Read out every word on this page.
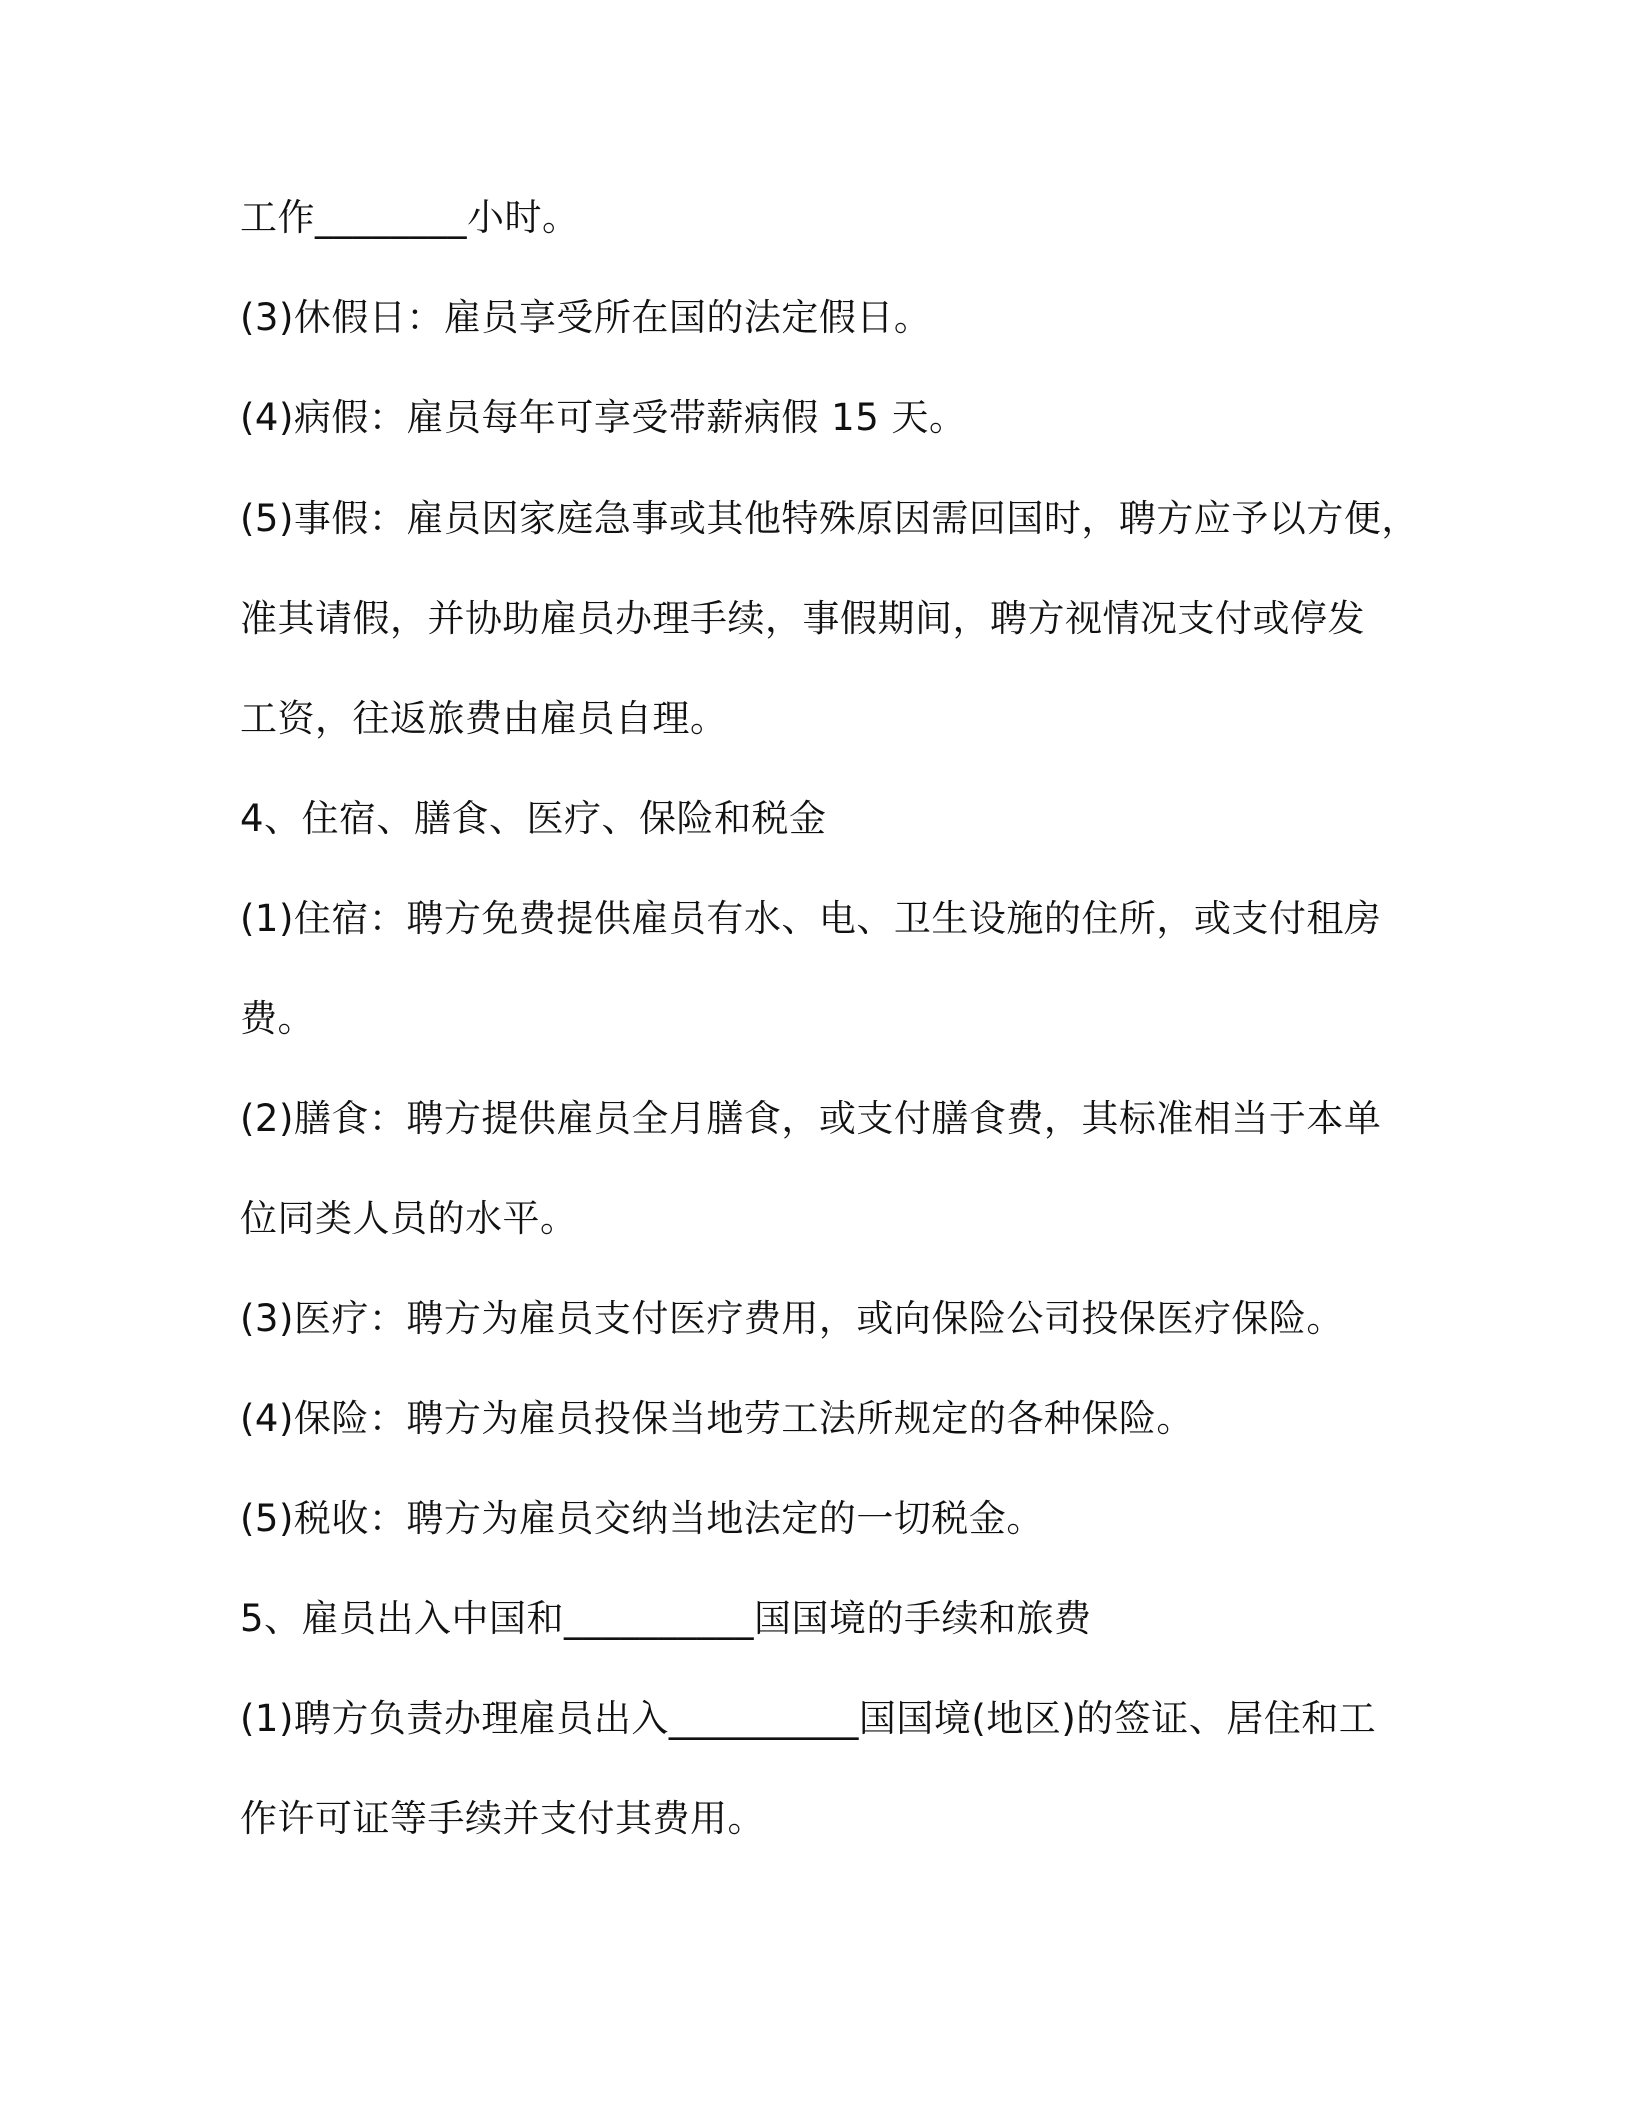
工作________小时。
(3)休假日：雇员享受所在国的法定假日。
(4)病假：雇员每年可享受带薪病假 15 天。
(5)事假：雇员因家庭急事或其他特殊原因需回国时，聘方应予以方便，
准其请假，并协助雇员办理手续，事假期间，聘方视情况支付或停发
工资，往返旅费由雇员自理。
4、住宿、膳食、医疗、保险和税金
(1)住宿：聘方免费提供雇员有水、电、卫生设施的住所，或支付租房
费。
(2)膳食：聘方提供雇员全月膳食，或支付膳食费，其标准相当于本单
位同类人员的水平。
(3)医疗：聘方为雇员支付医疗费用，或向保险公司投保医疗保险。
(4)保险：聘方为雇员投保当地劳工法所规定的各种保险。
(5)税收：聘方为雇员交纳当地法定的一切税金。
5、雇员出入中国和__________国国境的手续和旅费
(1)聘方负责办理雇员出入__________国国境(地区)的签证、居住和工
作许可证等手续并支付其费用。
